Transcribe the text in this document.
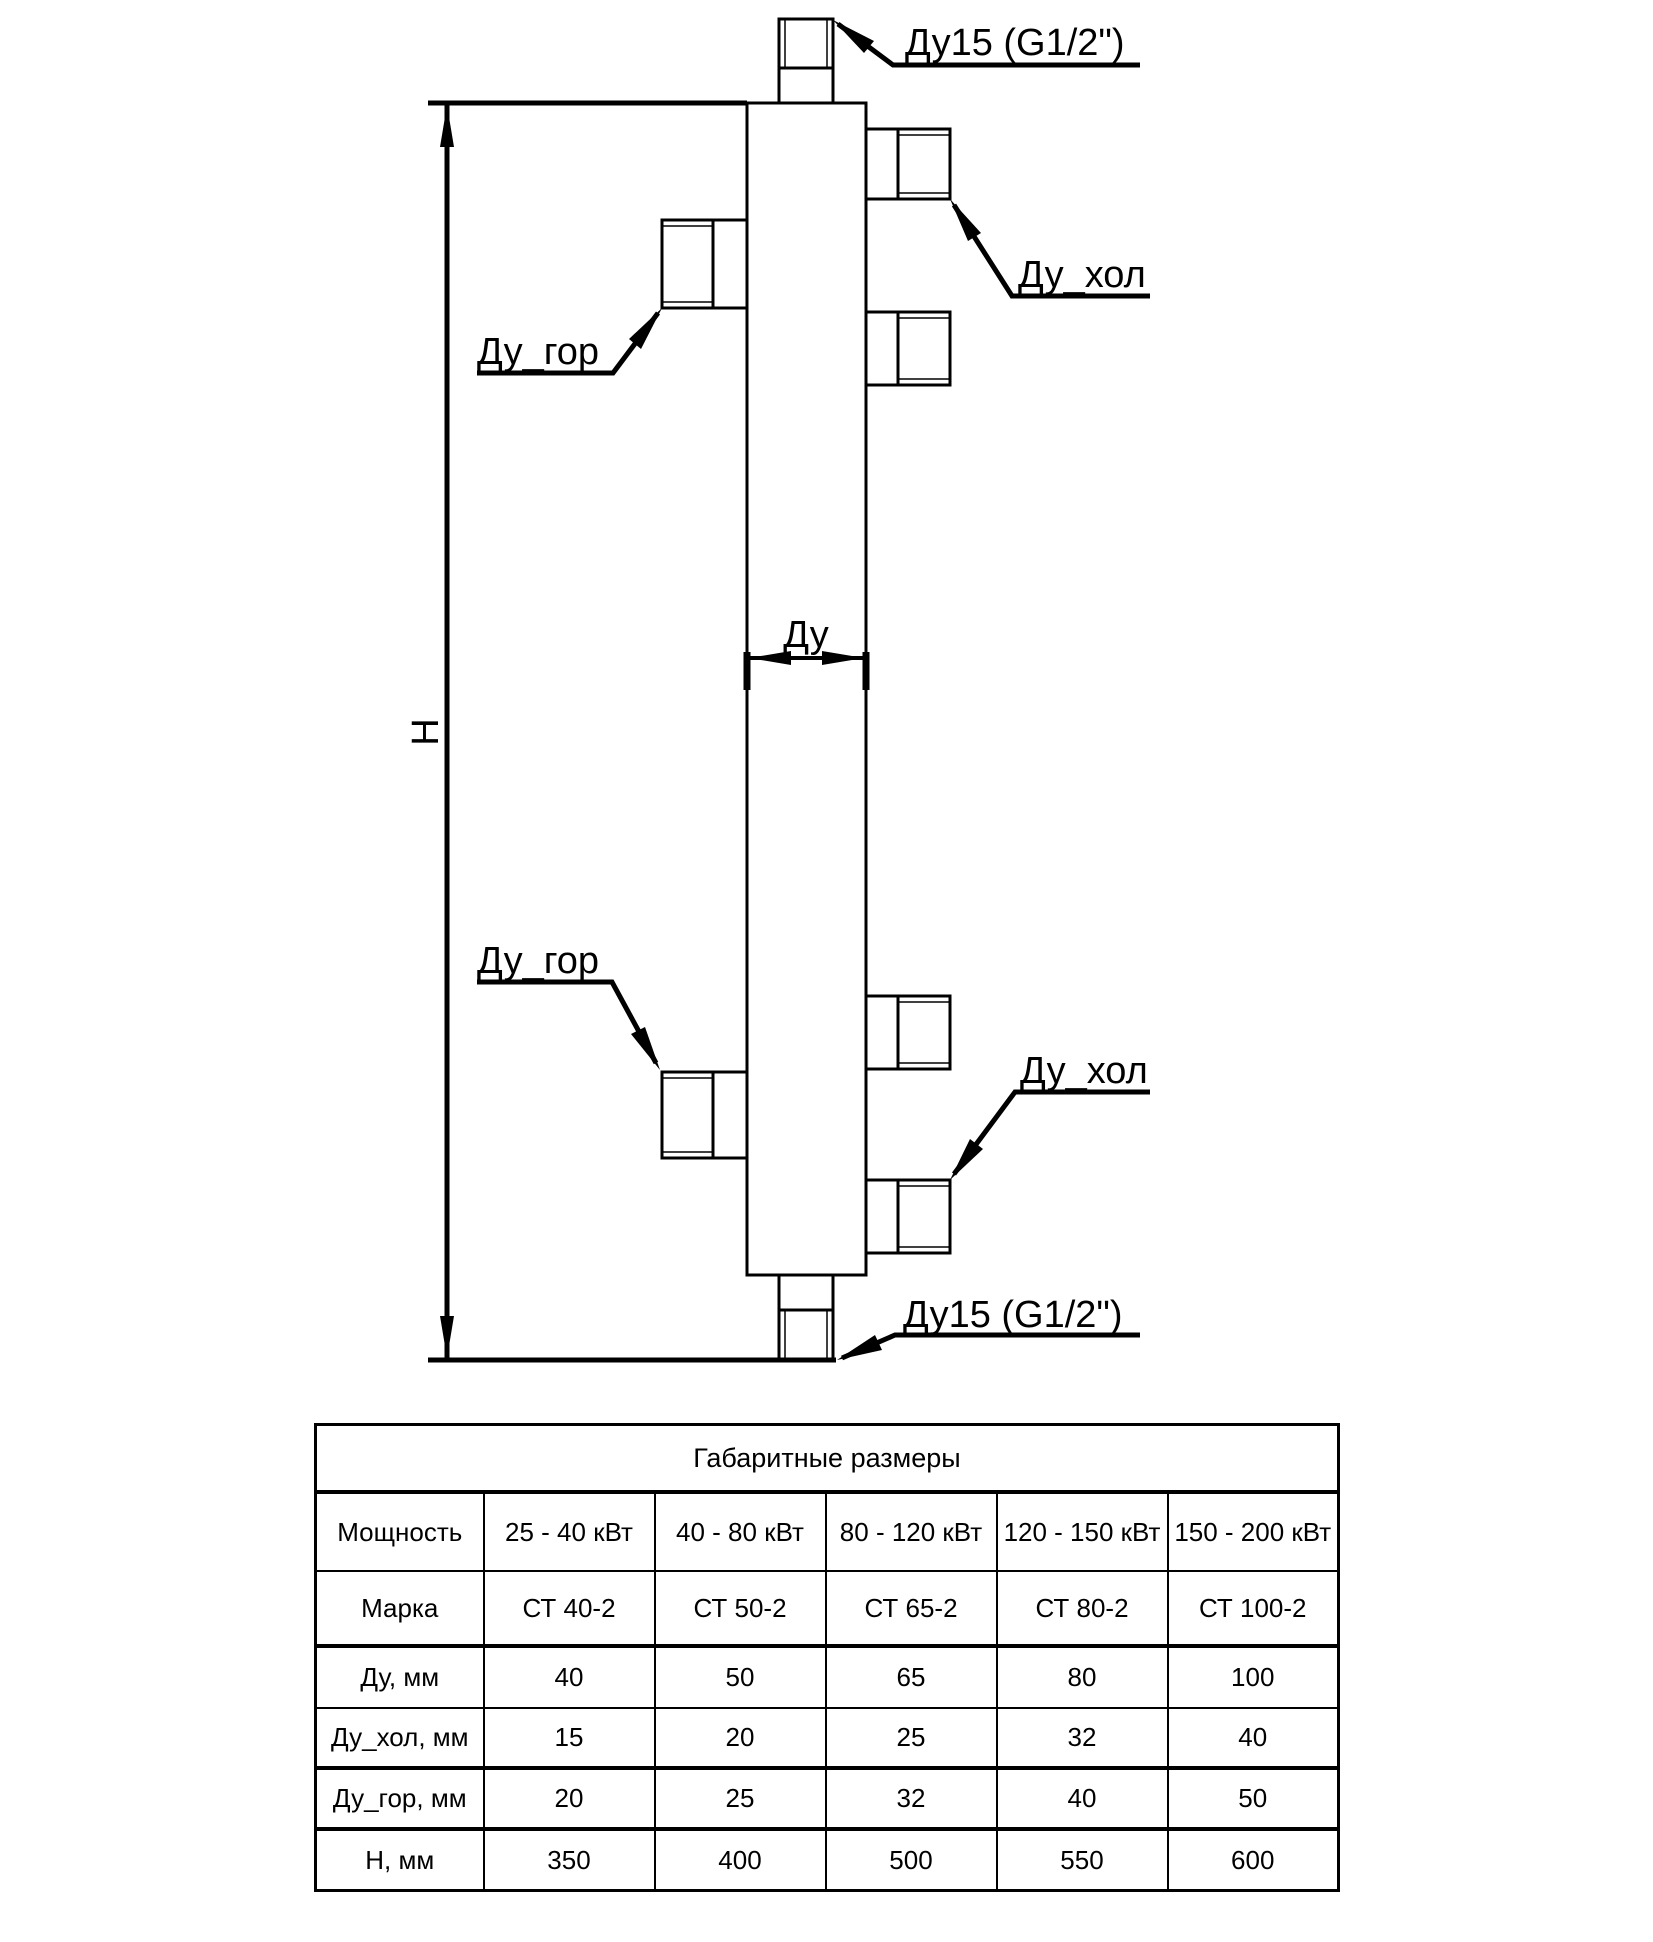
Н
Ду
Ду15 (G1/2")
Ду_хол
Ду_гор
Ду_гор
Ду_хол
Ду15 (G1/2")
Габаритные размеры					
Мощность	25 - 40 кВт	40 - 80 кВт	80 - 120 кВт	120 - 150 кВт	150 - 200 кВт
Марка	СТ 40-2	СТ 50-2	СТ 65-2	СТ 80-2	СТ 100-2
Ду, мм	40	50	65	80	100
Ду_хол, мм	15	20	25	32	40
Ду_гор, мм	20	25	32	40	50
Н, мм	350	400	500	550	600
